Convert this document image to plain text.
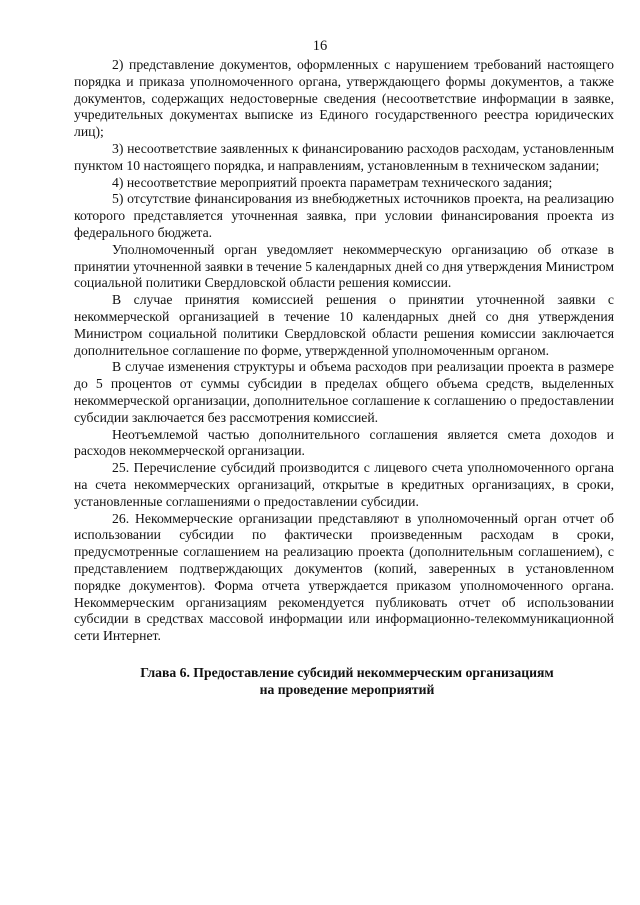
16

2) представление документов, оформленных с нарушением требований настоящего порядка и приказа уполномоченного органа, утверждающего формы документов, а также документов, содержащих недостоверные сведения (несоответствие информации в заявке, учредительных документах выписке из Единого государственного реестра юридических лиц);

3) несоответствие заявленных к финансированию расходов расходам, установленным пунктом 10 настоящего порядка, и направлениям, установленным в техническом задании;

4) несоответствие мероприятий проекта параметрам технического задания;

5) отсутствие финансирования из внебюджетных источников проекта, на реализацию которого представляется уточненная заявка, при условии финансирования проекта из федерального бюджета.

Уполномоченный орган уведомляет некоммерческую организацию об отказе в принятии уточненной заявки в течение 5 календарных дней со дня утверждения Министром социальной политики Свердловской области решения комиссии.

В случае принятия комиссией решения о принятии уточненной заявки с некоммерческой организацией в течение 10 календарных дней со дня утверждения Министром социальной политики Свердловской области решения комиссии заключается дополнительное соглашение по форме, утвержденной уполномоченным органом.

В случае изменения структуры и объема расходов при реализации проекта в размере до 5 процентов от суммы субсидии в пределах общего объема средств, выделенных некоммерческой организации, дополнительное соглашение к соглашению о предоставлении субсидии заключается без рассмотрения комиссией.

Неотъемлемой частью дополнительного соглашения является смета доходов и расходов некоммерческой организации.

25. Перечисление субсидий производится с лицевого счета уполномоченного органа на счета некоммерческих организаций, открытые в кредитных организациях, в сроки, установленные соглашениями о предоставлении субсидии.

26. Некоммерческие организации представляют в уполномоченный орган отчет об использовании субсидии по фактически произведенным расходам в сроки, предусмотренные соглашением на реализацию проекта (дополнительным соглашением), с представлением подтверждающих документов (копий, заверенных в установленном порядке документов). Форма отчета утверждается приказом уполномоченного органа. Некоммерческим организациям рекомендуется публиковать отчет об использовании субсидии в средствах массовой информации или информационно-телекоммуникационной сети Интернет.

Глава 6. Предоставление субсидий некоммерческим организациям

на проведение мероприятий
